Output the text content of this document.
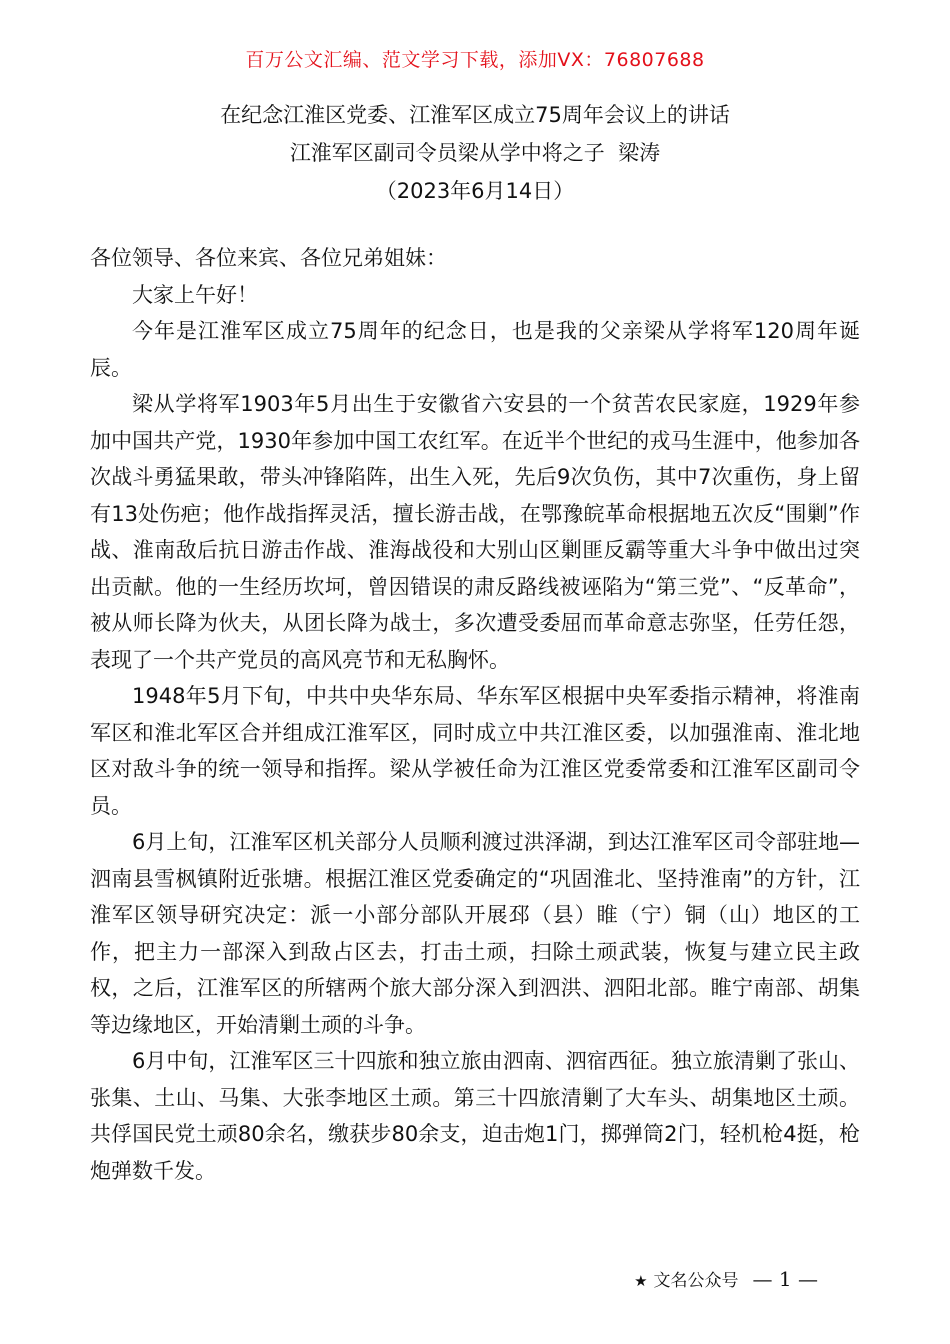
百万公文汇编、范文学习下载，添加VX：76807688
在纪念江淮区党委、江淮军区成立75周年会议上的讲话
江淮军区副司令员梁从学中将之子  梁涛
（2023年6月14日）

各位领导、各位来宾、各位兄弟姐妹：

大家上午好！

今年是江淮军区成立75周年的纪念日，也是我的父亲梁从学将军120周年诞辰。

梁从学将军1903年5月出生于安徽省六安县的一个贫苦农民家庭，1929年参加中国共产党，1930年参加中国工农红军。在近半个世纪的戎马生涯中，他参加各次战斗勇猛果敢，带头冲锋陷阵，出生入死，先后9次负伤，其中7次重伤，身上留有13处伤疤；他作战指挥灵活，擅长游击战，在鄂豫皖革命根据地五次反“围剿”作战、淮南敌后抗日游击作战、淮海战役和大别山区剿匪反霸等重大斗争中做出过突出贡献。他的一生经历坎坷，曾因错误的肃反路线被诬陷为“第三党”、“反革命”，被从师长降为伙夫，从团长降为战士，多次遭受委屈而革命意志弥坚，任劳任怨，表现了一个共产党员的高风亮节和无私胸怀。

1948年5月下旬，中共中央华东局、华东军区根据中央军委指示精神，将淮南军区和淮北军区合并组成江淮军区，同时成立中共江淮区委，以加强淮南、淮北地区对敌斗争的统一领导和指挥。梁从学被任命为江淮区党委常委和江淮军区副司令员。

6月上旬，江淮军区机关部分人员顺利渡过洪泽湖，到达江淮军区司令部驻地—泗南县雪枫镇附近张塘。根据江淮区党委确定的“巩固淮北、坚持淮南”的方针，江淮军区领导研究决定：派一小部分部队开展邳（县）睢（宁）铜（山）地区的工作，把主力一部深入到敌占区去，打击土顽，扫除土顽武装，恢复与建立民主政权，之后，江淮军区的所辖两个旅大部分深入到泗洪、泗阳北部。睢宁南部、胡集等边缘地区，开始清剿土顽的斗争。

6月中旬，江淮军区三十四旅和独立旅由泗南、泗宿西征。独立旅清剿了张山、张集、土山、马集、大张李地区土顽。第三十四旅清剿了大车头、胡集地区土顽。共俘国民党土顽80余名，缴获步80余支，迫击炮1门，掷弹筒2门，轻机枪4挺，枪炮弹数千发。

★ 文名公众号 — 1 —
